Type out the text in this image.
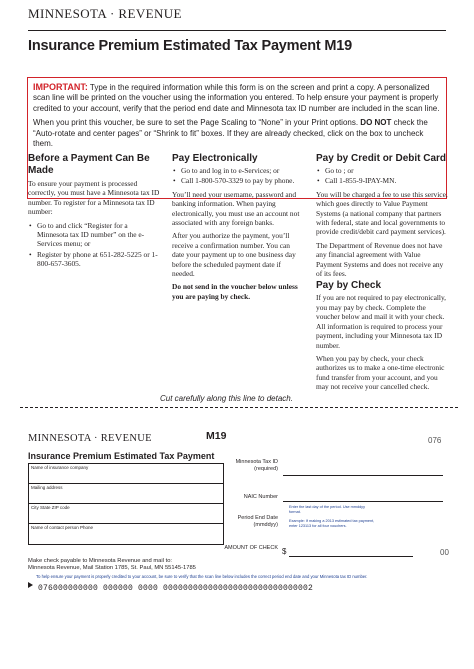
MINNESOTA · REVENUE
Insurance Premium Estimated Tax Payment M19

IMPORTANT: Type in the required information while this form is on the screen and print a copy. A personalized scan line will be printed on the voucher using the information you entered. To help ensure your payment is properly credited to your account, verify that the period end date and Minnesota tax ID number are included in the scan line.

When you print this voucher, be sure to set the Page Scaling to “None” in your Print options. DO NOT check the “Auto-rotate and center pages” or “Shrink to fit” boxes. If they are already checked, click on the box to uncheck them.

Before a Payment Can Be Made

To ensure your payment is processed correctly, you must have a Minnesota tax ID number. To register for a Minnesota tax ID number:

• Go to and click “Register for a Minnesota tax ID number” on the e-Services menu; or
• Register by phone at 651-282-5225 or 1-800-657-3605.
Pay Electronically
• Go to and log in to e-Services; or
• Call 1-800-570-3329 to pay by phone.

You’ll need your username, password and banking information. When paying electronically, you must use an account not associated with any foreign banks.

After you authorize the payment, you’ll receive a confirmation number. You can date your payment up to one business day before the scheduled payment date if needed.

Do not send in the voucher below unless you are paying by check.

Pay by Credit or Debit Card
• Go to ; or
• Call 1-855-9-IPAY-MN.

You will be charged a fee to use this service, which goes directly to Value Payment Systems (a national company that partners with federal, state and local governments to provide credit/debit card payment services).

The Department of Revenue does not have any financial agreement with Value Payment Systems and does not receive any of its fees.

Pay by Check

If you are not required to pay electronically, you may pay by check. Complete the voucher below and mail it with your check. All information is required to process your payment, including your Minnesota tax ID number.

When you pay by check, your check authorizes us to make a one-time electronic fund transfer from your account, and you may not receive your cancelled check.

Cut carefully along this line to detach.
MINNESOTA · REVENUE	M19	076
Insurance Premium Estimated Tax Payment
Name of insurance company
Mailing address
City State ZIP code
Name of contact person Phone
Minnesota Tax ID (required)
NAIC Number
Period End Date (mmddyy)
Enter the last day of the period. Use mmddyy format.
Example: If making a 2013 estimated tax payment, enter 123113 for all four vouchers.
AMOUNT OF CHECK $	00
Make check payable to Minnesota Revenue and mail to:
Minnesota Revenue, Mail Station 1785, St. Paul, MN 55145-1785
To help ensure your payment is properly credited to your account, be sure to verify that the scan line below includes the correct period end date and your Minnesota tax ID number.
076000000000 000000 0000 000000000000000000000000000002
